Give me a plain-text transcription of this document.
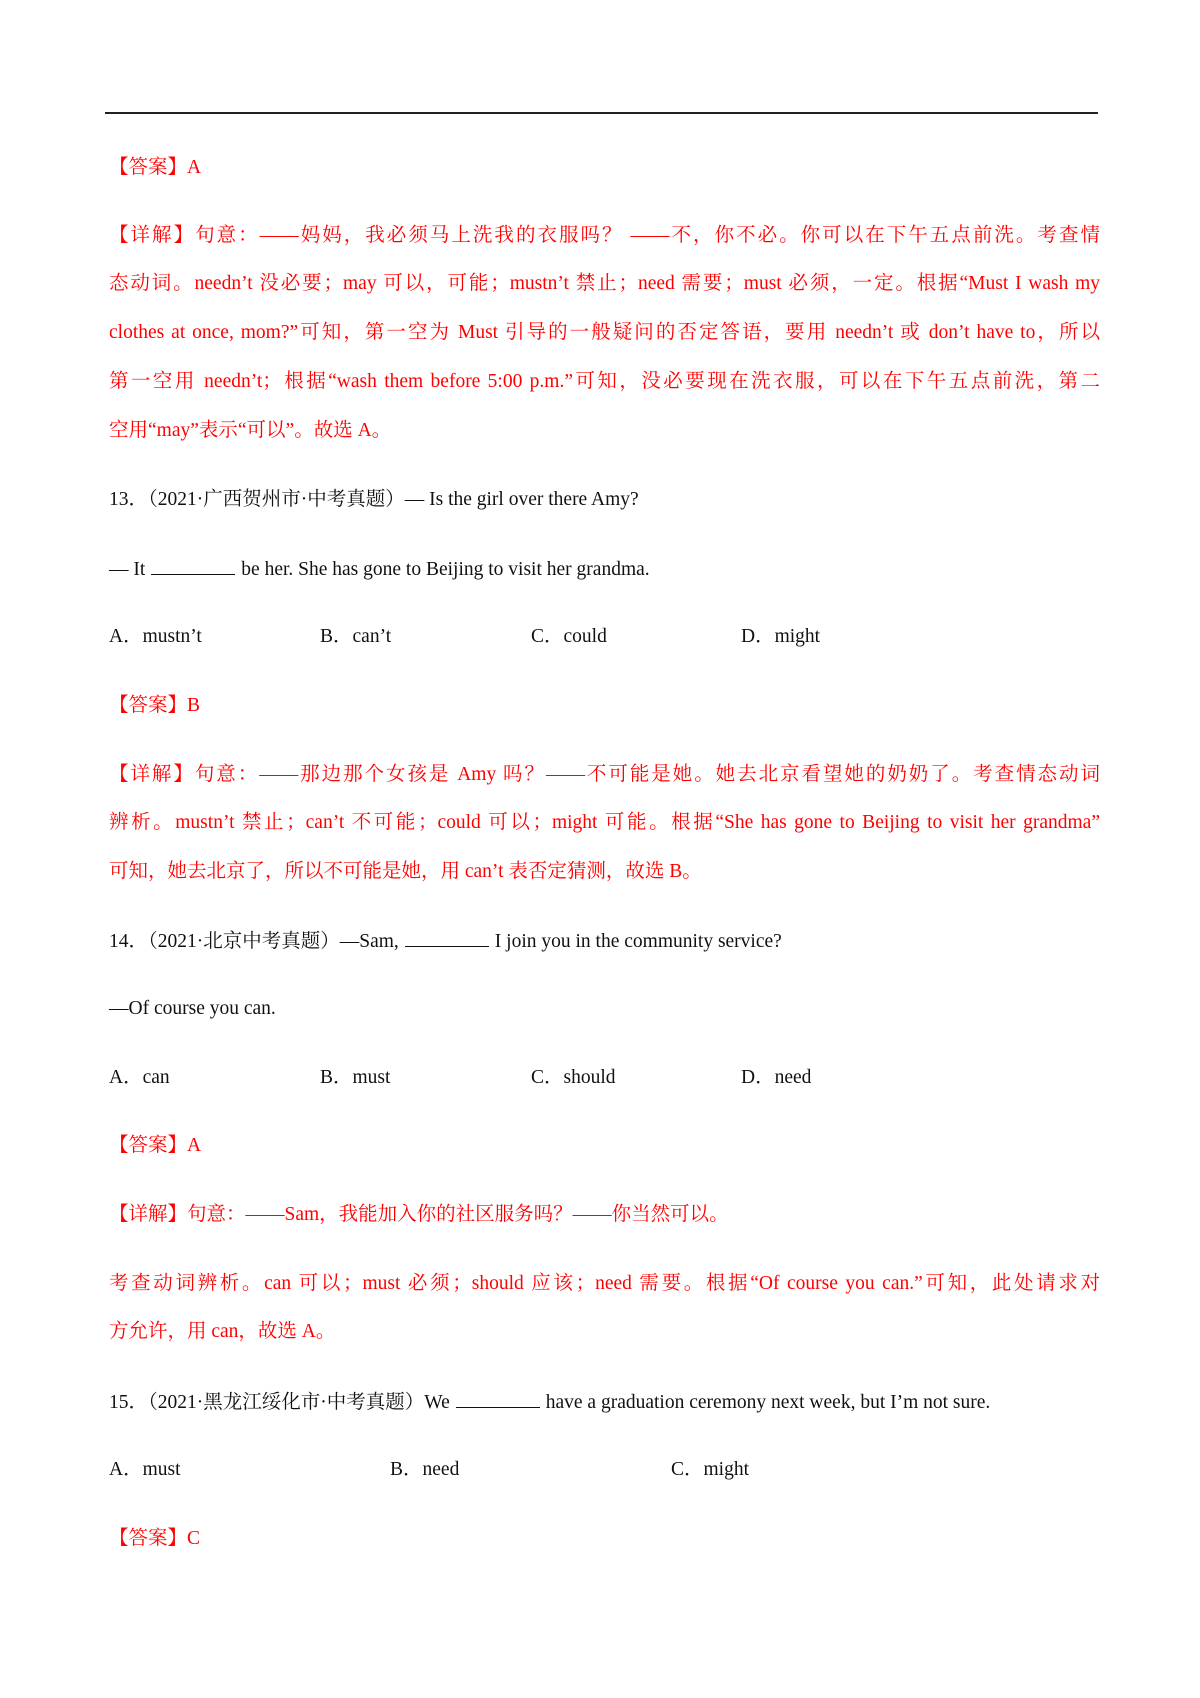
【答案】A
【详解】句意：——妈妈，我必须马上洗我的衣服吗？ ——不，你不必。你可以在下午五点前洗。考查情
态动词。needn’t 没必要；may 可以，可能；mustn’t 禁止；need 需要；must 必须，一定。根据“Must I wash my
clothes at once, mom?”可知，第一空为 Must 引导的一般疑问的否定答语，要用 needn’t 或 don’t have to，所以
第一空用 needn’t；根据“wash them before 5:00 p.m.”可知，没必要现在洗衣服，可以在下午五点前洗，第二
空用“may”表示“可以”。故选 A。
13．（2021·广西贺州市·中考真题）— Is the girl over there Amy?
— It	be her. She has gone to Beijing to visit her grandma.
A．mustn’t	B．can’t	C．could	D．might
【答案】B
【详解】句意：——那边那个女孩是 Amy 吗？——不可能是她。她去北京看望她的奶奶了。考查情态动词
辨析。mustn’t 禁止；can’t 不可能；could 可以；might 可能。根据“She has gone to Beijing to visit her grandma”
可知，她去北京了，所以不可能是她，用 can’t 表否定猜测，故选 B。
14．（2021·北京中考真题）—Sam,	I join you in the community service?
—Of course you can.
A．can	B．must	C．should	D．need
【答案】A
【详解】句意：——Sam，我能加入你的社区服务吗？——你当然可以。
考查动词辨析。can 可以；must 必须；should 应该；need 需要。根据“Of course you can.”可知，此处请求对
方允许，用 can，故选 A。
15．（2021·黑龙江绥化市·中考真题）We	have a graduation ceremony next week, but I’m not sure.
A．must	B．need	C．might
【答案】C
